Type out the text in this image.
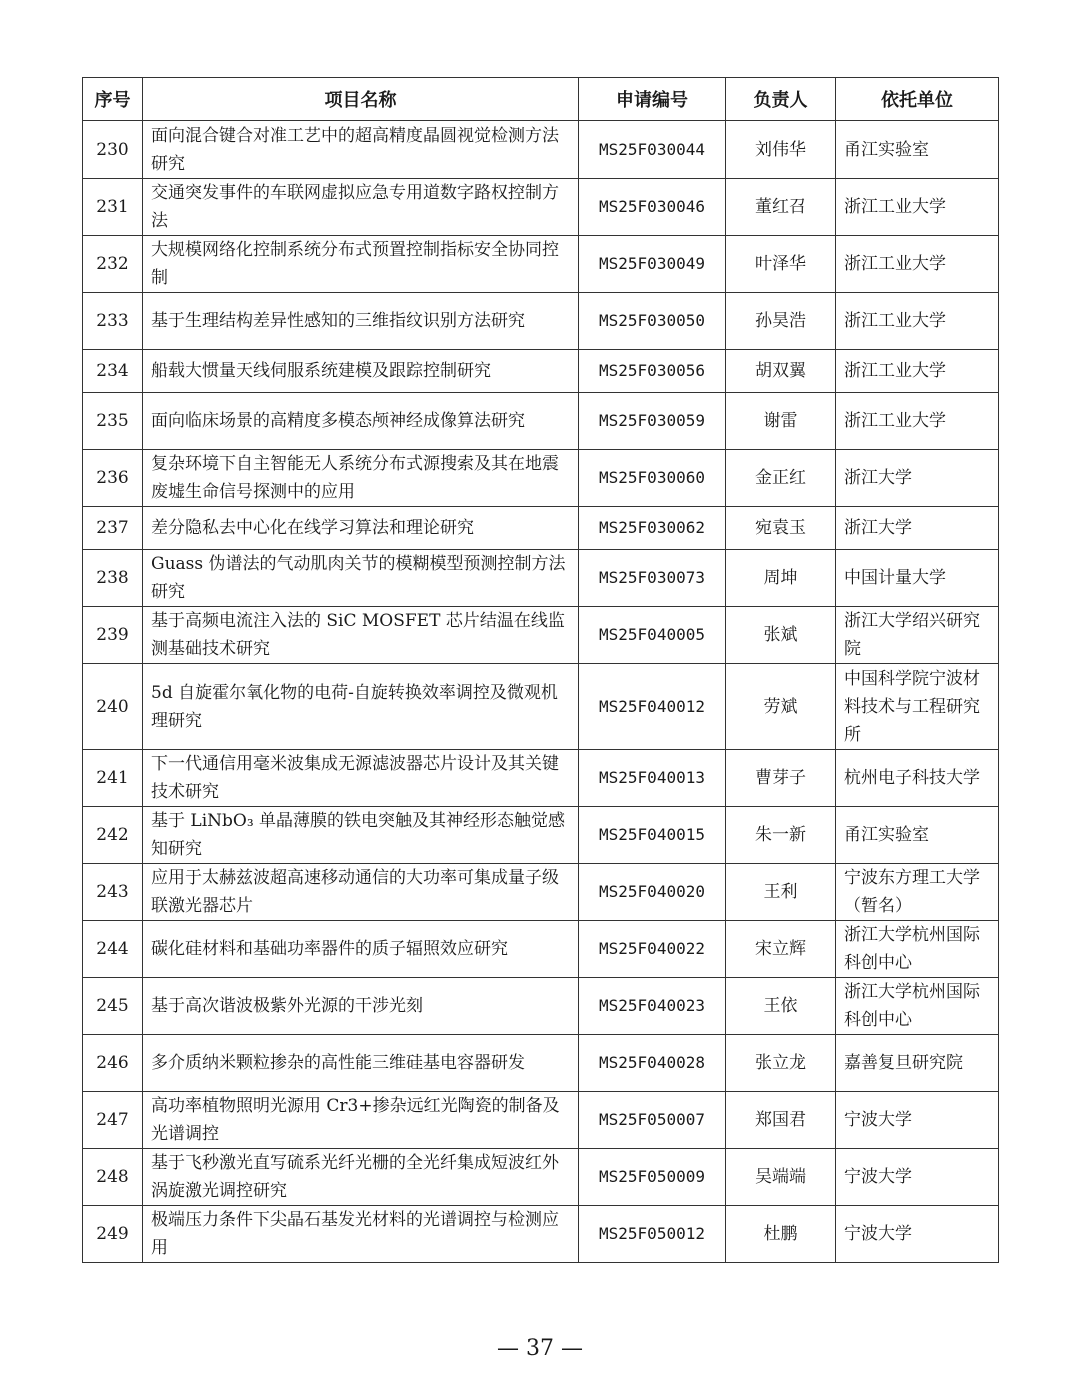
序号	项目名称	申请编号	负责人	依托单位
230	面向混合键合对准工艺中的超高精度晶圆视觉检测方法研究	MS25F030044	刘伟华	甬江实验室
231	交通突发事件的车联网虚拟应急专用道数字路权控制方法	MS25F030046	董红召	浙江工业大学
232	大规模网络化控制系统分布式预置控制指标安全协同控制	MS25F030049	叶泽华	浙江工业大学
233	基于生理结构差异性感知的三维指纹识别方法研究	MS25F030050	孙昊浩	浙江工业大学
234	船载大惯量天线伺服系统建模及跟踪控制研究	MS25F030056	胡双翼	浙江工业大学
235	面向临床场景的高精度多模态颅神经成像算法研究	MS25F030059	谢雷	浙江工业大学
236	复杂环境下自主智能无人系统分布式源搜索及其在地震废墟生命信号探测中的应用	MS25F030060	金正红	浙江大学
237	差分隐私去中心化在线学习算法和理论研究	MS25F030062	宛袁玉	浙江大学
238	Guass 伪谱法的气动肌肉关节的模糊模型预测控制方法研究	MS25F030073	周坤	中国计量大学
239	基于高频电流注入法的 SiC MOSFET 芯片结温在线监测基础技术研究	MS25F040005	张斌	浙江大学绍兴研究院
240	5d 自旋霍尔氧化物的电荷-自旋转换效率调控及微观机理研究	MS25F040012	劳斌	中国科学院宁波材料技术与工程研究所
241	下一代通信用毫米波集成无源滤波器芯片设计及其关键技术研究	MS25F040013	曹芽子	杭州电子科技大学
242	基于 LiNbO₃ 单晶薄膜的铁电突触及其神经形态触觉感知研究	MS25F040015	朱一新	甬江实验室
243	应用于太赫兹波超高速移动通信的大功率可集成量子级联激光器芯片	MS25F040020	王利	宁波东方理工大学（暂名）
244	碳化硅材料和基础功率器件的质子辐照效应研究	MS25F040022	宋立辉	浙江大学杭州国际科创中心
245	基于高次谐波极紫外光源的干涉光刻	MS25F040023	王依	浙江大学杭州国际科创中心
246	多介质纳米颗粒掺杂的高性能三维硅基电容器研发	MS25F040028	张立龙	嘉善复旦研究院
247	高功率植物照明光源用 Cr3+掺杂远红光陶瓷的制备及光谱调控	MS25F050007	郑国君	宁波大学
248	基于飞秒激光直写硫系光纤光栅的全光纤集成短波红外涡旋激光调控研究	MS25F050009	吴端端	宁波大学
249	极端压力条件下尖晶石基发光材料的光谱调控与检测应用	MS25F050012	杜鹏	宁波大学
— 37 —
